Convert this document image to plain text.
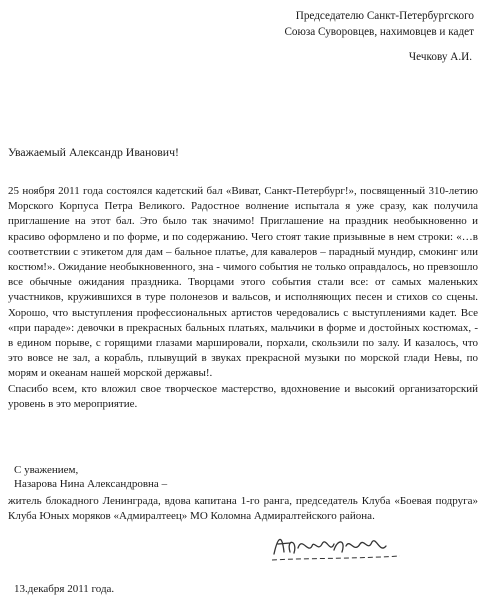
Председателю Санкт-Петербургского
Союза Суворовцев, нахимовцев и кадет
Чечкову А.И.
Уважаемый Александр Иванович!

25 ноября 2011 года состоялся кадетский бал «Виват, Санкт-Петербург!», посвященный 310-летию Морского Корпуса Петра Великого. Радостное волнение испытала я уже сразу, как получила приглашение на этот бал. Это было так значимо! Приглашение на праздник необыкновенно и красиво оформлено и по форме, и по содержанию. Чего стоят такие призывные в нем строки: «…в соответствии с этикетом для дам – бальное платье, для кавалеров – парадный мундир, смокинг или костюм!». Ожидание необыкновенного, зна - чимого события не только оправдалось, но превзошло все обычные ожидания праздника. Творцами этого события стали все: от самых маленьких участников, кружившихся в туре полонезов и вальсов, и исполняющих песен и стихов со сцены. Хорошо, что выступления профессиональных артистов чередовались с выступлениями кадет. Все «при параде»: девочки в прекрасных бальных платьях, мальчики в форме и достойных костюмах, - в едином порыве, с горящими глазами маршировали, порхали, скользили по залу. И казалось, что это вовсе не зал, а корабль, плывущий в звуках прекрасной музыки по морской глади Невы, по морям и океанам нашей морской державы!.

Спасибо всем, кто вложил свое творческое мастерство, вдохновение и высокий организаторский уровень в это мероприятие.

С уважением,
Назарова Нина Александровна –
житель блокадного Ленинграда, вдова капитана 1-го ранга, председатель Клуба «Боевая подруга» Клуба Юных моряков «Адмиралтеец» МО Коломна Адмиралтейского района.
13.декабря 2011 года.
